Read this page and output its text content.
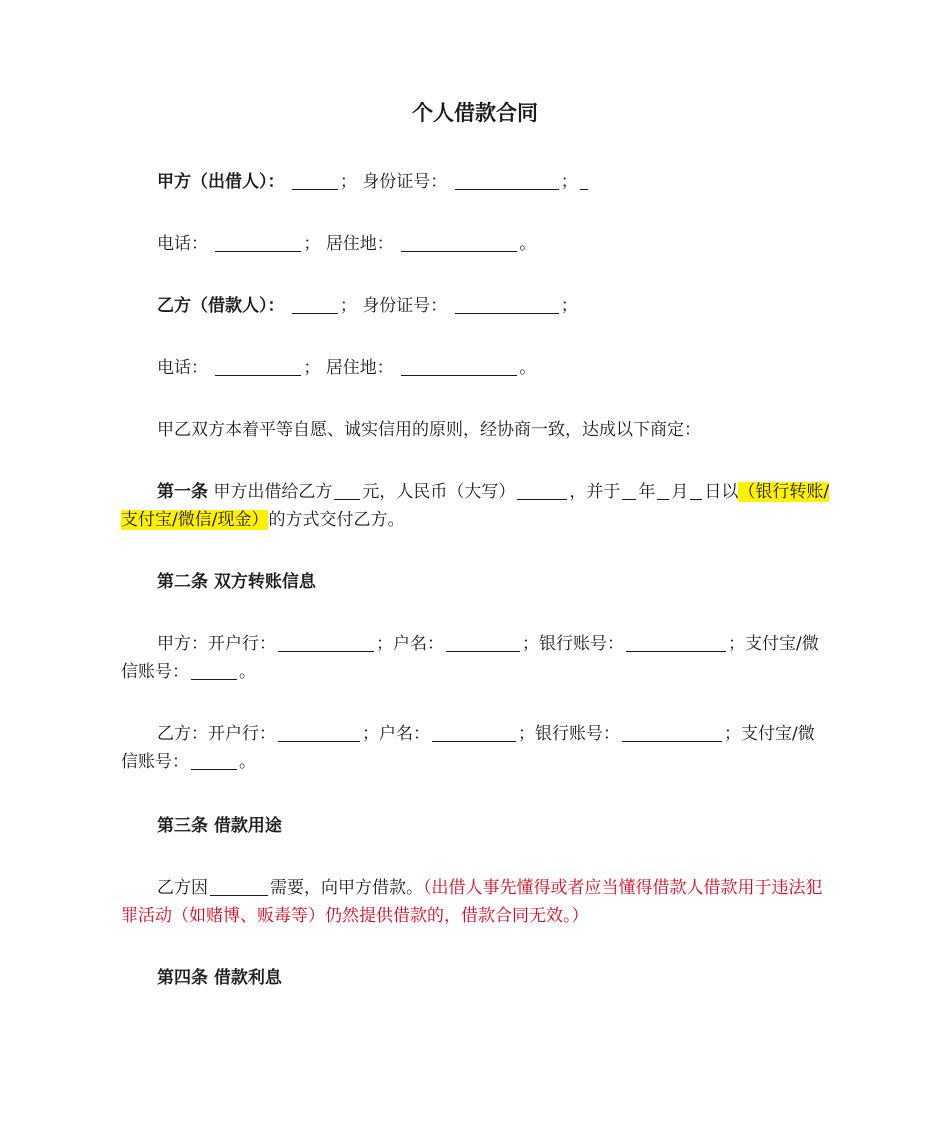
个人借款合同
甲方（出借人）：	； 身份证号：	；
电话：	； 居住地：	。
乙方（借款人）：	； 身份证号：	；
电话：	； 居住地：	。
甲乙双方本着平等自愿、诚实信用的原则，经协商一致，达成以下商定：
第一条 甲方出借给乙方 元，人民币（大写）	，并于 年 月 日以（银行转账/支付宝/微信/现金）的方式交付乙方。
第二条 双方转账信息
甲方：开户行：	；户名：	；银行账号：	；支付宝/微信账号：	。
乙方：开户行：	；户名：	；银行账号：	；支付宝/微信账号：	。
第三条 借款用途
乙方因	需要，向甲方借款。（出借人事先懂得或者应当懂得借款人借款用于违法犯罪活动（如赌博、贩毒等）仍然提供借款的，借款合同无效。）
第四条 借款利息
